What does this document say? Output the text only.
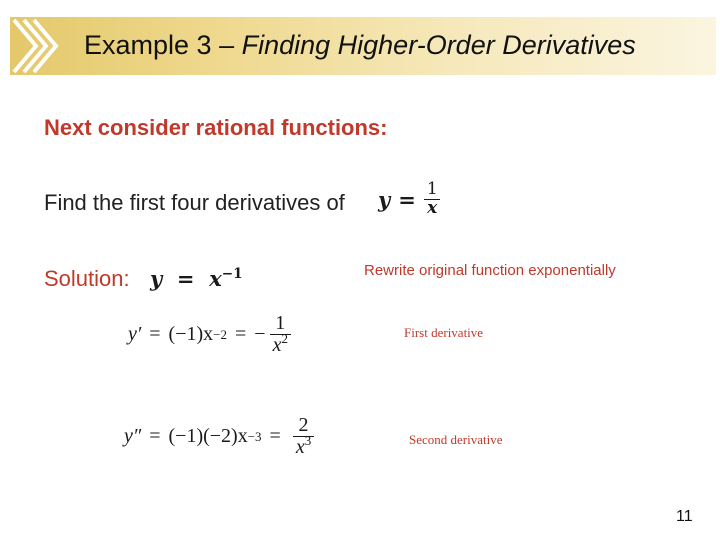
Example 3 – Finding Higher-Order Derivatives
Next consider rational functions:
Find the first four derivatives of $y = \frac{1}{x}$
Solution: $y = x^{-1}$	Rewrite original function exponentially
y′ = (−1)x −2 = − $\frac{1}{x^2}$	First derivative
$y'' = (-1)(-2)x -3 = \frac{2}{x^3}$	Second derivative
11
